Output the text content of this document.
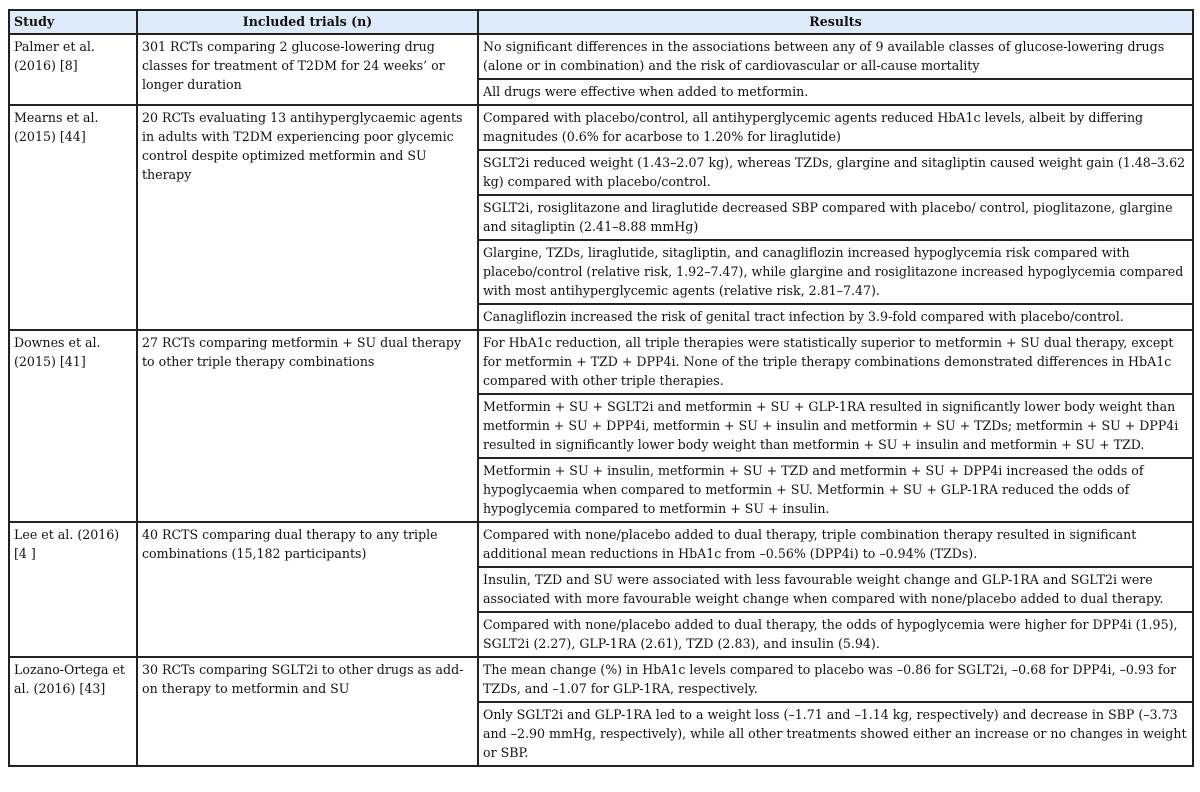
Study	Included trials (n)	Results
Palmer et al. (2016) [8]	301 RCTs comparing 2 glucose-lowering drug classes for treatment of T2DM for 24 weeks’ or longer duration	No significant differences in the associations between any of 9 available classes of glucose-lowering drugs (alone or in combination) and the risk of cardiovascular or all-cause mortality
		All drugs were effective when added to metformin.
Mearns et al. (2015) [44]	20 RCTs evaluating 13 antihyperglycaemic agents in adults with T2DM experiencing poor glycemic control despite optimized metformin and SU therapy	Compared with placebo/control, all antihyperglycemic agents reduced HbA1c levels, albeit by differing magnitudes (0.6% for acarbose to 1.20% for liraglutide)
		SGLT2i reduced weight (1.43–2.07 kg), whereas TZDs, glargine and sitagliptin caused weight gain (1.48–3.62 kg) compared with placebo/control.
		SGLT2i, rosiglitazone and liraglutide decreased SBP compared with placebo/ control, pioglitazone, glargine and sitagliptin (2.41–8.88 mmHg)
		Glargine, TZDs, liraglutide, sitagliptin, and canagliflozin increased hypoglycemia risk compared with placebo/control (relative risk, 1.92–7.47), while glargine and rosiglitazone increased hypoglycemia compared with most antihyperglycemic agents (relative risk, 2.81–7.47).
		Canagliflozin increased the risk of genital tract infection by 3.9-fold compared with placebo/control.
Downes et al. (2015) [41]	27 RCTs comparing metformin + SU dual therapy to other triple therapy combinations	For HbA1c reduction, all triple therapies were statistically superior to metformin + SU dual therapy, except for metformin + TZD + DPP4i. None of the triple therapy combinations demonstrated differences in HbA1c compared with other triple therapies.
		Metformin + SU + SGLT2i and metformin + SU + GLP-1RA resulted in significantly lower body weight than metformin + SU + DPP4i, metformin + SU + insulin and metformin + SU + TZDs; metformin + SU + DPP4i resulted in significantly lower body weight than metformin + SU + insulin and metformin + SU + TZD.
		Metformin + SU + insulin, metformin + SU + TZD and metformin + SU + DPP4i increased the odds of hypoglycaemia when compared to metformin + SU. Metformin + SU + GLP-1RA reduced the odds of hypoglycemia compared to metformin + SU + insulin.
Lee et al. (2016) [4 ]	40 RCTS comparing dual therapy to any triple combinations (15,182 participants)	Compared with none/placebo added to dual therapy, triple combination therapy resulted in significant additional mean reductions in HbA1c from –0.56% (DPP4i) to –0.94% (TZDs).
		Insulin, TZD and SU were associated with less favourable weight change and GLP-1RA and SGLT2i were associated with more favourable weight change when compared with none/placebo added to dual therapy.
		Compared with none/placebo added to dual therapy, the odds of hypoglycemia were higher for DPP4i (1.95), SGLT2i (2.27), GLP-1RA (2.61), TZD (2.83), and insulin (5.94).
Lozano-Ortega et al. (2016) [43]	30 RCTs comparing SGLT2i to other drugs as add-on therapy to metformin and SU	The mean change (%) in HbA1c levels compared to placebo was –0.86 for SGLT2i, –0.68 for DPP4i, –0.93 for TZDs, and –1.07 for GLP-1RA, respectively.
		Only SGLT2i and GLP-1RA led to a weight loss (–1.71 and –1.14 kg, respectively) and decrease in SBP (–3.73 and –2.90 mmHg, respectively), while all other treatments showed either an increase or no changes in weight or SBP.
